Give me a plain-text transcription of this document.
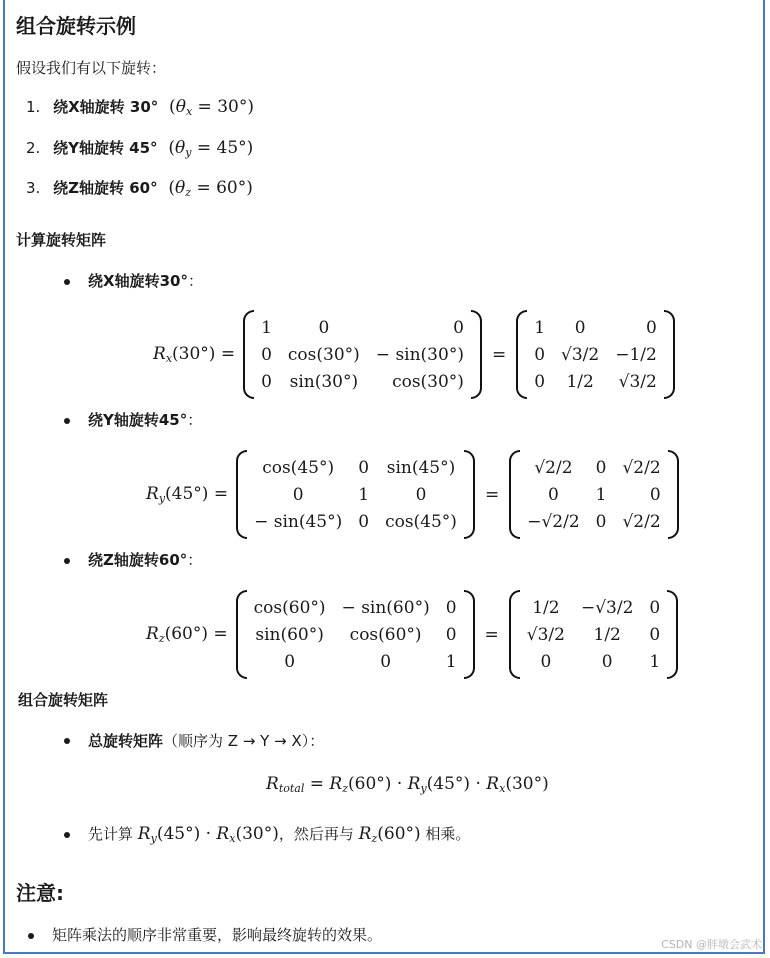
组合旋转示例
假设我们有以下旋转：
1. 绕X轴旋转 30° $(\theta_x = 30^\circ)$
2. 绕Y轴旋转 45° $(\theta_y = 45^\circ)$
3. 绕Z轴旋转 60° $(\theta_z = 60^\circ)$
计算旋转矩阵
绕X轴旋转30°：
$R_x(30^\circ)$ =
1	0	0
0	cos(30°)	− sin(30°)
0	sin(30°)	cos(30°)
=
1	0	0
0	√3/2	−1/2
0	1/2	√3/2
绕Y轴旋转45°：
$R_y(45^\circ)$ =
cos(45°)	0	sin(45°)
0	1	0
− sin(45°)	0	cos(45°)
=
√2/2	0	√2/2
0	1	0
−√2/2	0	√2/2
绕Z轴旋转60°：
$R_z(60^\circ)$ =
cos(60°)	− sin(60°)	0
sin(60°)	cos(60°)	0
0	0	1
=
1/2	−√3/2	0
√3/2	1/2	0
0	0	1
组合旋转矩阵
总旋转矩阵（顺序为 Z → Y → X）：
$R_{total} = R_z(60^\circ) \cdot R_y(45^\circ) \cdot R_x(30^\circ)$
先计算 $R_y(45^\circ) \cdot R_x(30^\circ)$，然后再与 $R_z(60^\circ)$ 相乘。
注意:
矩阵乘法的顺序非常重要，影响最终旋转的效果。
CSDN @胖墩会武术
